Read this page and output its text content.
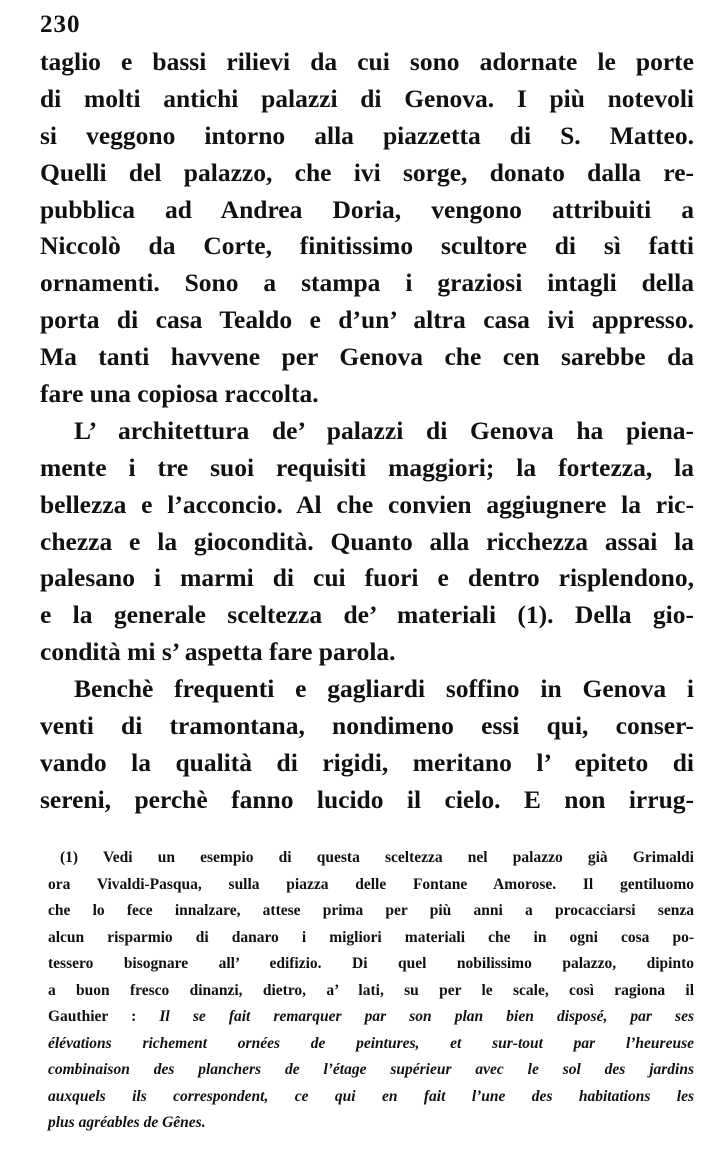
230
taglio e bassi rilievi da cui sono adornate le porte
di molti antichi palazzi di Genova. I più notevoli
si veggono intorno alla piazzetta di S. Matteo.
Quelli del palazzo, che ivi sorge, donato dalla re-
pubblica ad Andrea Doria, vengono attribuiti a
Niccolò da Corte, finitissimo scultore di sì fatti
ornamenti. Sono a stampa i graziosi intagli della
porta di casa Tealdo e d’un’ altra casa ivi appresso.
Ma tanti havvene per Genova che cen sarebbe da
fare una copiosa raccolta.
L’ architettura de’ palazzi di Genova ha piena-
mente i tre suoi requisiti maggiori; la fortezza, la
bellezza e l’acconcio. Al che convien aggiugnere la ric-
chezza e la giocondità. Quanto alla ricchezza assai la
palesano i marmi di cui fuori e dentro risplendono,
e la generale sceltezza de’ materiali (1). Della gio-
condità mi s’ aspetta fare parola.
Benchè frequenti e gagliardi soffino in Genova i
venti di tramontana, nondimeno essi qui, conser-
vando la qualità di rigidi, meritano l’ epiteto di
sereni, perchè fanno lucido il cielo. E non irrug-
(1) Vedi un esempio di questa sceltezza nel palazzo già Grimaldi
ora Vivaldi-Pasqua, sulla piazza delle Fontane Amorose. Il gentiluomo
che lo fece innalzare, attese prima per più anni a procacciarsi senza
alcun risparmio di danaro i migliori materiali che in ogni cosa po-
tessero bisognare all’ edifizio. Di quel nobilissimo palazzo, dipinto
a buon fresco dinanzi, dietro, a’ lati, su per le scale, così ragiona il
Gauthier : Il se fait remarquer par son plan bien disposé, par ses
élévations richement ornées de peintures, et sur-tout par l’heureuse
combinaison des planchers de l’étage supérieur avec le sol des jardins
auxquels ils correspondent, ce qui en fait l’une des habitations les
plus agréables de Gênes.
